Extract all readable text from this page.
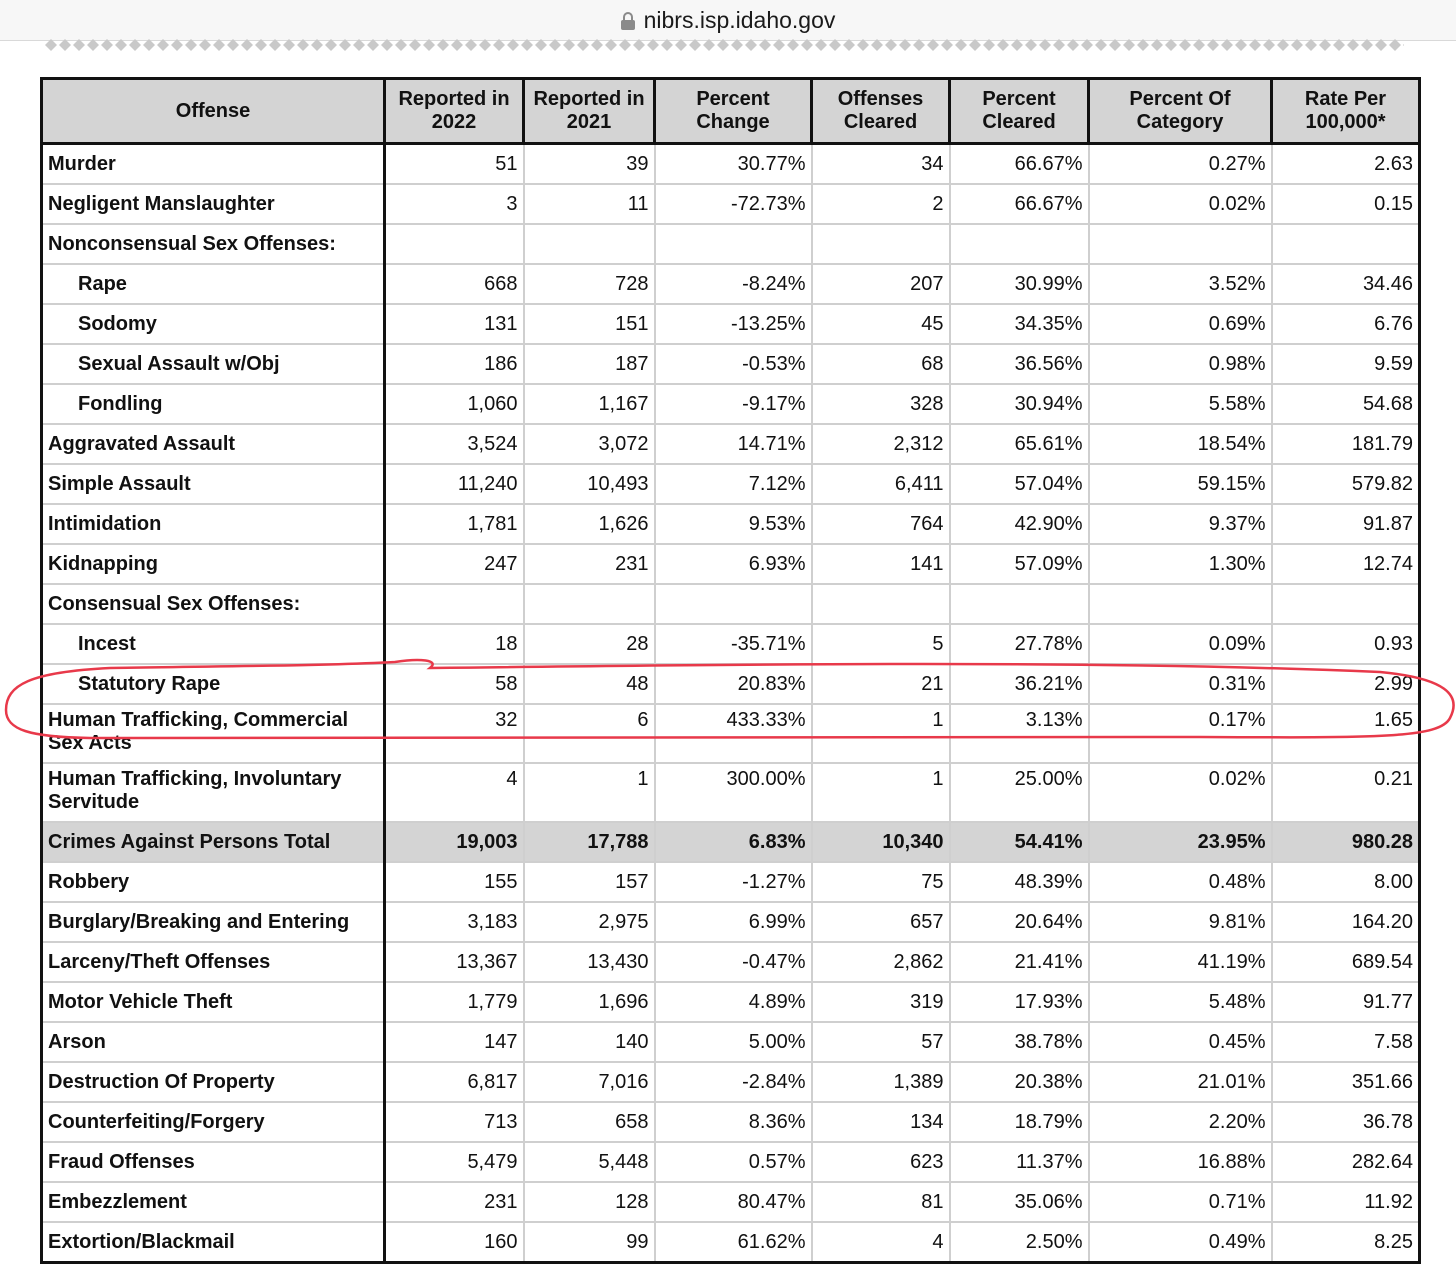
nibrs.isp.idaho.gov
Offense	Reported in 2022	Reported in 2021	Percent Change	Offenses Cleared	Percent Cleared	Percent Of Category	Rate Per 100,000*
Murder	51	39	30.77%	34	66.67%	0.27%	2.63
Negligent Manslaughter	3	11	-72.73%	2	66.67%	0.02%	0.15
Nonconsensual Sex Offenses:							
Rape	668	728	-8.24%	207	30.99%	3.52%	34.46
Sodomy	131	151	-13.25%	45	34.35%	0.69%	6.76
Sexual Assault w/Obj	186	187	-0.53%	68	36.56%	0.98%	9.59
Fondling	1,060	1,167	-9.17%	328	30.94%	5.58%	54.68
Aggravated Assault	3,524	3,072	14.71%	2,312	65.61%	18.54%	181.79
Simple Assault	11,240	10,493	7.12%	6,411	57.04%	59.15%	579.82
Intimidation	1,781	1,626	9.53%	764	42.90%	9.37%	91.87
Kidnapping	247	231	6.93%	141	57.09%	1.30%	12.74
Consensual Sex Offenses:							
Incest	18	28	-35.71%	5	27.78%	0.09%	0.93
Statutory Rape	58	48	20.83%	21	36.21%	0.31%	2.99
Human Trafficking, Commercial Sex Acts	32	6	433.33%	1	3.13%	0.17%	1.65
Human Trafficking, Involuntary Servitude	4	1	300.00%	1	25.00%	0.02%	0.21
Crimes Against Persons Total	19,003	17,788	6.83%	10,340	54.41%	23.95%	980.28
Robbery	155	157	-1.27%	75	48.39%	0.48%	8.00
Burglary/Breaking and Entering	3,183	2,975	6.99%	657	20.64%	9.81%	164.20
Larceny/Theft Offenses	13,367	13,430	-0.47%	2,862	21.41%	41.19%	689.54
Motor Vehicle Theft	1,779	1,696	4.89%	319	17.93%	5.48%	91.77
Arson	147	140	5.00%	57	38.78%	0.45%	7.58
Destruction Of Property	6,817	7,016	-2.84%	1,389	20.38%	21.01%	351.66
Counterfeiting/Forgery	713	658	8.36%	134	18.79%	2.20%	36.78
Fraud Offenses	5,479	5,448	0.57%	623	11.37%	16.88%	282.64
Embezzlement	231	128	80.47%	81	35.06%	0.71%	11.92
Extortion/Blackmail	160	99	61.62%	4	2.50%	0.49%	8.25
